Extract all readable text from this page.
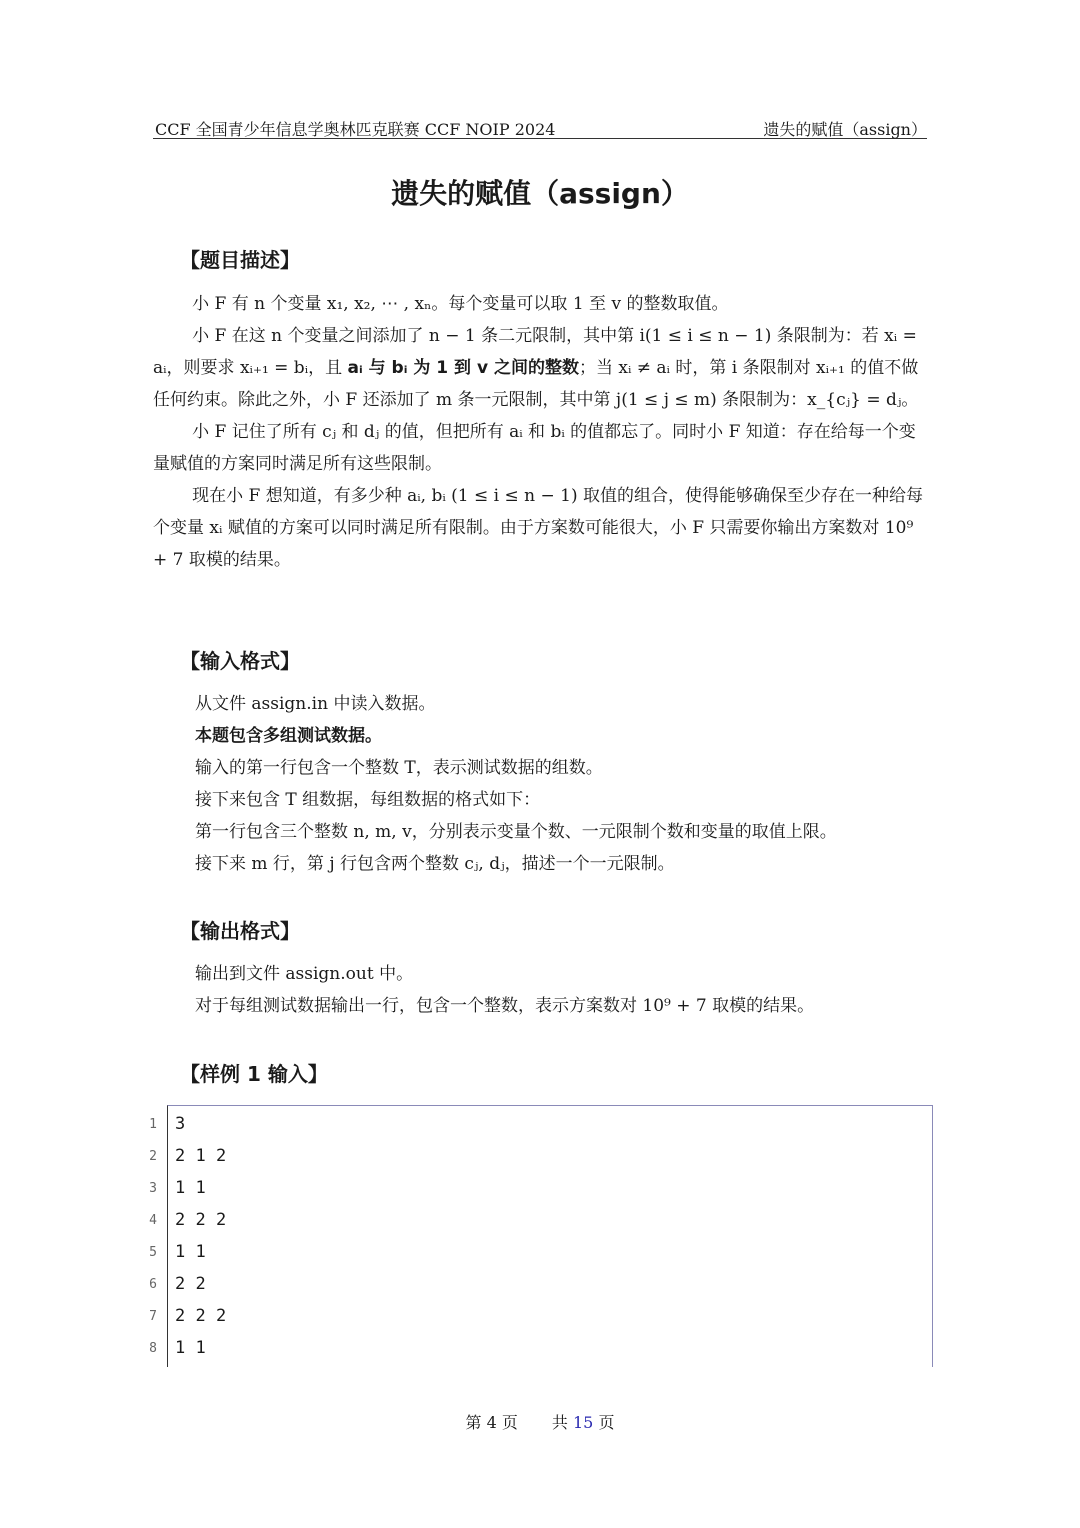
CCF 全国青少年信息学奥林匹克联赛 CCF NOIP 2024	遗失的赋值（assign）
遗失的赋值（assign）
【题目描述】

小 F 有 n 个变量 x₁, x₂, ⋯ , xₙ。每个变量可以取 1 至 v 的整数取值。

小 F 在这 n 个变量之间添加了 n − 1 条二元限制，其中第 i(1 ≤ i ≤ n − 1) 条限制为：若 xᵢ = aᵢ，则要求 xᵢ₊₁ = bᵢ，且 aᵢ 与 bᵢ 为 1 到 v 之间的整数；当 xᵢ ≠ aᵢ 时，第 i 条限制对 xᵢ₊₁ 的值不做任何约束。除此之外，小 F 还添加了 m 条一元限制，其中第 j(1 ≤ j ≤ m) 条限制为：x_{cⱼ} = dⱼ。

小 F 记住了所有 cⱼ 和 dⱼ 的值，但把所有 aᵢ 和 bᵢ 的值都忘了。同时小 F 知道：存在给每一个变量赋值的方案同时满足所有这些限制。

现在小 F 想知道，有多少种 aᵢ, bᵢ (1 ≤ i ≤ n − 1) 取值的组合，使得能够确保至少存在一种给每个变量 xᵢ 赋值的方案可以同时满足所有限制。由于方案数可能很大，小 F 只需要你输出方案数对 10⁹ + 7 取模的结果。

【输入格式】
从文件 assign.in 中读入数据。
本题包含多组测试数据。
输入的第一行包含一个整数 T，表示测试数据的组数。
接下来包含 T 组数据，每组数据的格式如下：
第一行包含三个整数 n, m, v，分别表示变量个数、一元限制个数和变量的取值上限。
接下来 m 行，第 j 行包含两个整数 cⱼ, dⱼ，描述一个一元限制。
【输出格式】
输出到文件 assign.out 中。
对于每组测试数据输出一行，包含一个整数，表示方案数对 10⁹ + 7 取模的结果。
【样例 1 输入】
1 3
2 2 1 2
3 1 1
4 2 2 2
5 1 1
6 2 2
7 2 2 2
8 1 1
第 4 页 共 15 页
